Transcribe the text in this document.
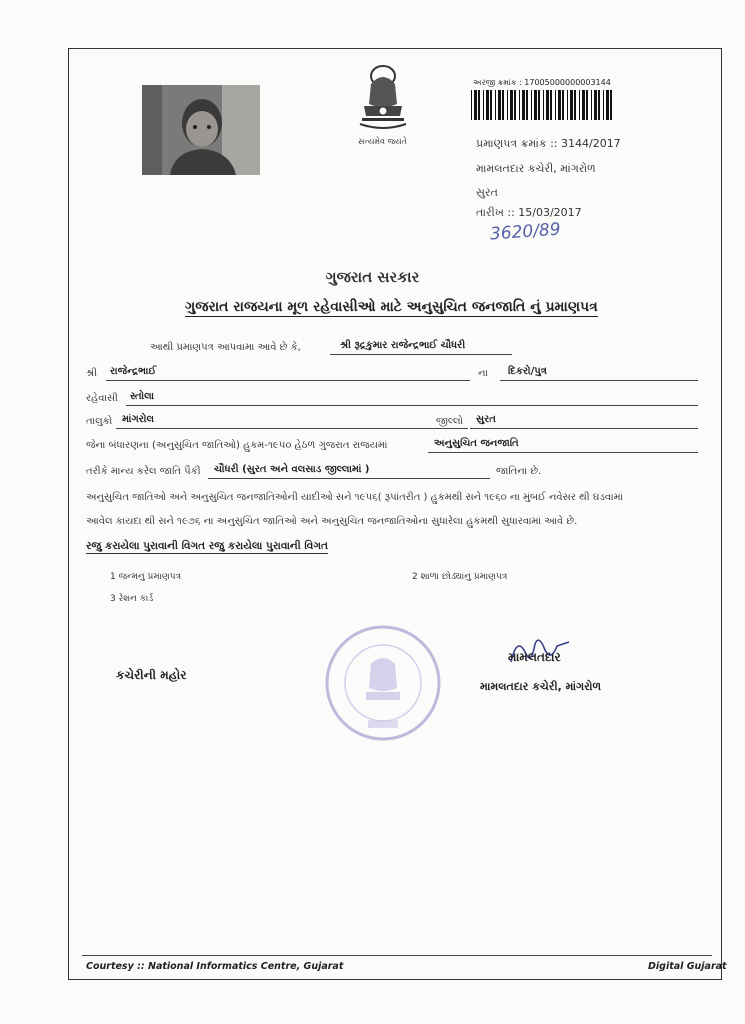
સત્યમેવ જયતે
અરજી ક્રમાંક : 17005000000003144
પ્રમાણપત્ર ક્રમાંક :: 3144/2017
મામલતદાર કચેરી, માંગરોળ
સુરત
તારીખ :: 15/03/2017
3620/89
ગુજરાત સરકાર
ગુજરાત રાજયના મૂળ રહેવાસીઓ માટે અનુસુચિત જનજાતિ નું પ્રમાણપત્ર
આથી પ્રમાણપત્ર આપવામા આવે છે કે,	શ્રી રૂદ્રકુમાર રાજેન્દ્રભાઈ ચૌધરી
શ્રી રાજેન્દ્રભાઈ	ના દિકરો/પુત્ર
રહેવાસી સ્તોલા
તાલુકો માંગરોલ	જીલ્લો સુરત
જેના બંધારણના (અનુસુચિત જાતિઓ) હુકમ-૧૯૫૦ હેઠળ ગુજરાત રાજયમાં	અનુસુચિત જનજાતિ
તરીકે માન્ય કરેલ જાતિ પૈકી ચૌધરી (સુરત અને વલસાડ જીલ્લામાં )	જાતિના છે.
અનુસુચિત જાતિઓ અને અનુસુચિત જનજાતિઓની યાદીઓ સને ૧૯૫૬( રૂપાંતરીત ) હુકમથી સને ૧૯૬૦ ના મુંબઈ નવેસર થી ઘડવામાં
આવેલ કાયદા થી સને ૧૯૭૬ ના અનુસુચિત જાતિઓ અને અનુસુચિત જનજાતિઓના સુધારેલા હુકમથી સુધારવામાં આવે છે.
રજુ કરાયેલા પુરાવાની વિગત રજુ કરાયેલા પુરાવાની વિગત
1 જન્મનુ પ્રમાણપત્ર	2 શાળા છોડ્યાનુ પ્રમાણપત્ર
3 રેશન કાર્ડ
કચેરીની મહોર
મામલતદાર
મામલતદાર કચેરી, માંગરોળ
Courtesy :: National Informatics Centre, Gujarat	Digital Gujarat
